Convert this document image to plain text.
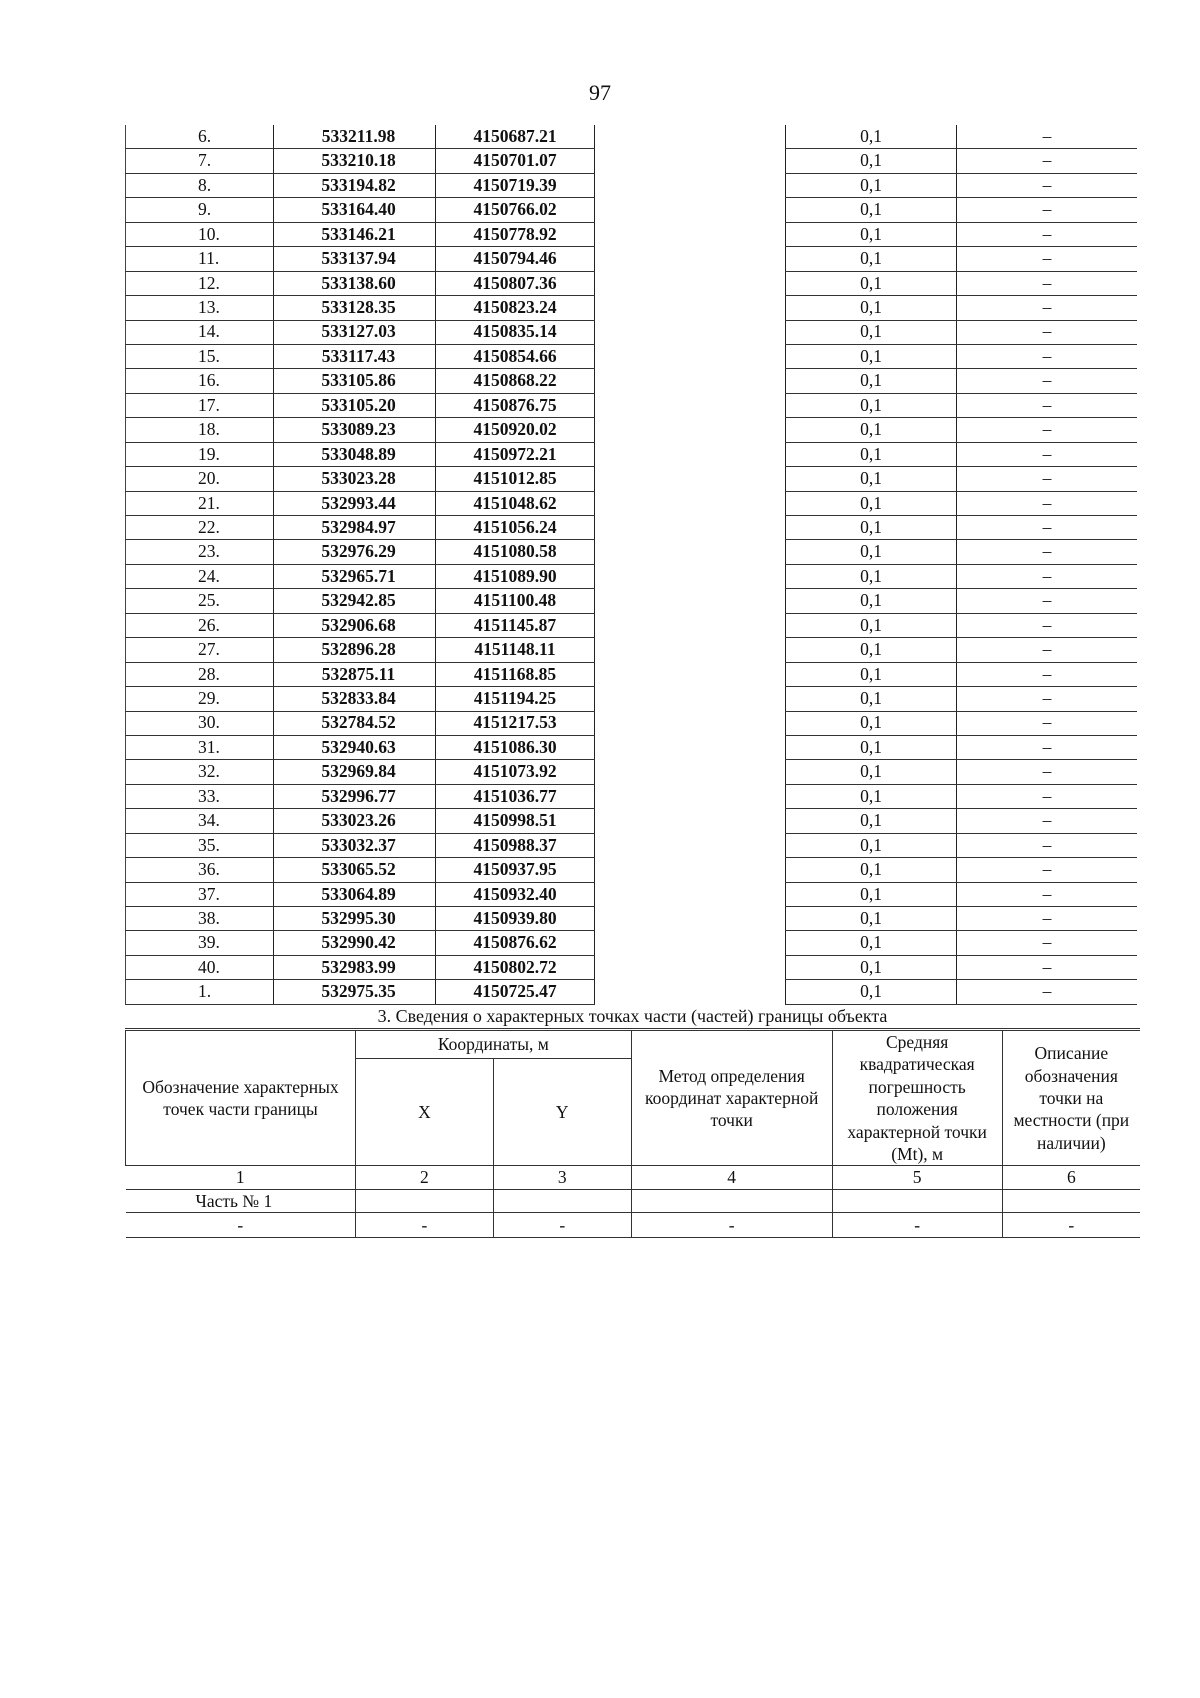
97
6.	533211.98	4150687.21		0,1	–
7.	533210.18	4150701.07		0,1	–
8.	533194.82	4150719.39		0,1	–
9.	533164.40	4150766.02		0,1	–
10.	533146.21	4150778.92		0,1	–
11.	533137.94	4150794.46		0,1	–
12.	533138.60	4150807.36		0,1	–
13.	533128.35	4150823.24		0,1	–
14.	533127.03	4150835.14		0,1	–
15.	533117.43	4150854.66		0,1	–
16.	533105.86	4150868.22		0,1	–
17.	533105.20	4150876.75		0,1	–
18.	533089.23	4150920.02		0,1	–
19.	533048.89	4150972.21		0,1	–
20.	533023.28	4151012.85		0,1	–
21.	532993.44	4151048.62		0,1	–
22.	532984.97	4151056.24		0,1	–
23.	532976.29	4151080.58		0,1	–
24.	532965.71	4151089.90		0,1	–
25.	532942.85	4151100.48		0,1	–
26.	532906.68	4151145.87		0,1	–
27.	532896.28	4151148.11		0,1	–
28.	532875.11	4151168.85		0,1	–
29.	532833.84	4151194.25		0,1	–
30.	532784.52	4151217.53		0,1	–
31.	532940.63	4151086.30		0,1	–
32.	532969.84	4151073.92		0,1	–
33.	532996.77	4151036.77		0,1	–
34.	533023.26	4150998.51		0,1	–
35.	533032.37	4150988.37		0,1	–
36.	533065.52	4150937.95		0,1	–
37.	533064.89	4150932.40		0,1	–
38.	532995.30	4150939.80		0,1	–
39.	532990.42	4150876.62		0,1	–
40.	532983.99	4150802.72		0,1	–
1.	532975.35	4150725.47		0,1	–
3. Сведения о характерных точках части (частей) границы объекта
Обозначение характерных точек части границы	Координаты, м		Метод определения координат характерной точки	Средняя квадратическая погрешность положения характерной точки (Mt), м	Описание обозначения точки на местности (при наличии)
	X	Y			
1	2	3	4	5	6
Часть № 1					
-	-	-	-	-	-
